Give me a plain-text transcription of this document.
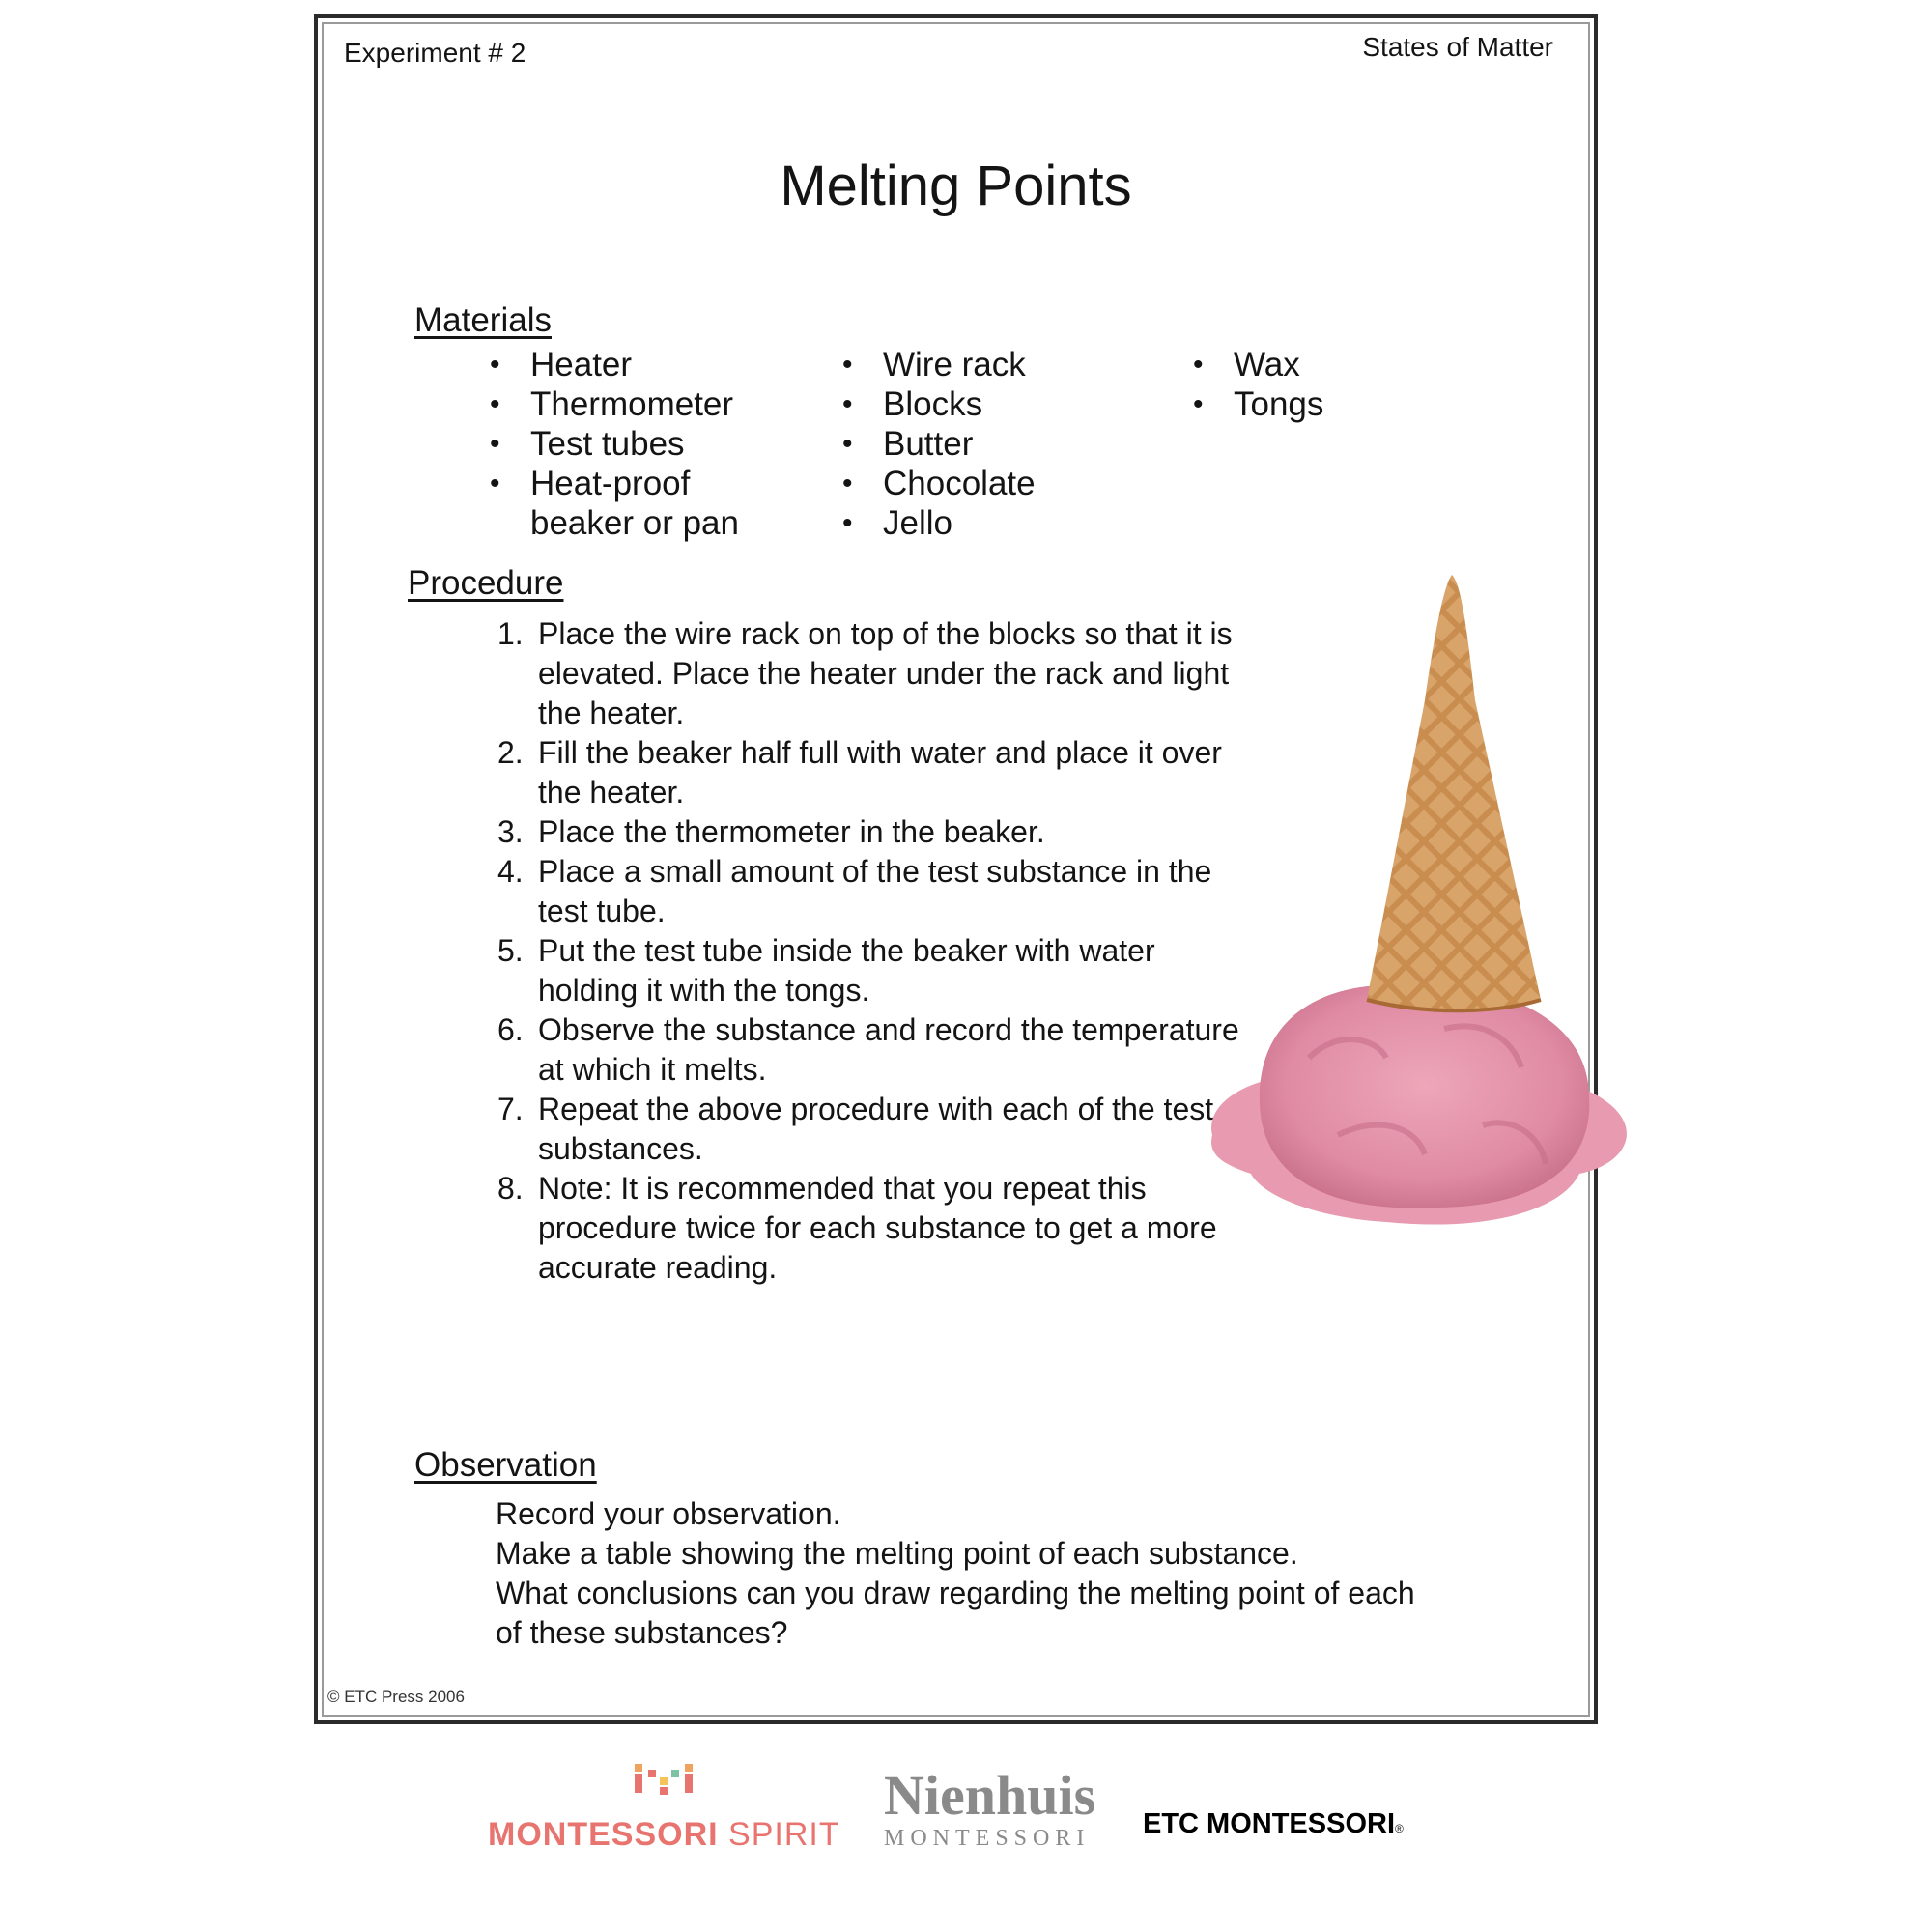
Experiment # 2	States of Matter
Melting Points
Materials
• Heater
• Thermometer
• Test tubes
• Heat-proof beaker or pan
• Wire rack
• Blocks
• Butter
• Chocolate
• Jello
• Wax
• Tongs
Procedure
1. Place the wire rack on top of the blocks so that it is elevated. Place the heater under the rack and light the heater.
2. Fill the beaker half full with water and place it over the heater.
3. Place the thermometer in the beaker.
4. Place a small amount of the test substance in the test tube.
5. Put the test tube inside the beaker with water holding it with the tongs.
6. Observe the substance and record the temperature at which it melts.
7. Repeat the above procedure with each of the test substances.
8. Note: It is recommended that you repeat this procedure twice for each substance to get a more accurate reading.
Observation
Record your observation.
Make a table showing the melting point of each substance.
What conclusions can you draw regarding the melting point of each
of these substances?
© ETC Press 2006
MONTESSORI SPIRIT
Nienhuis
MONTESSORI ETC MONTESSORI®
